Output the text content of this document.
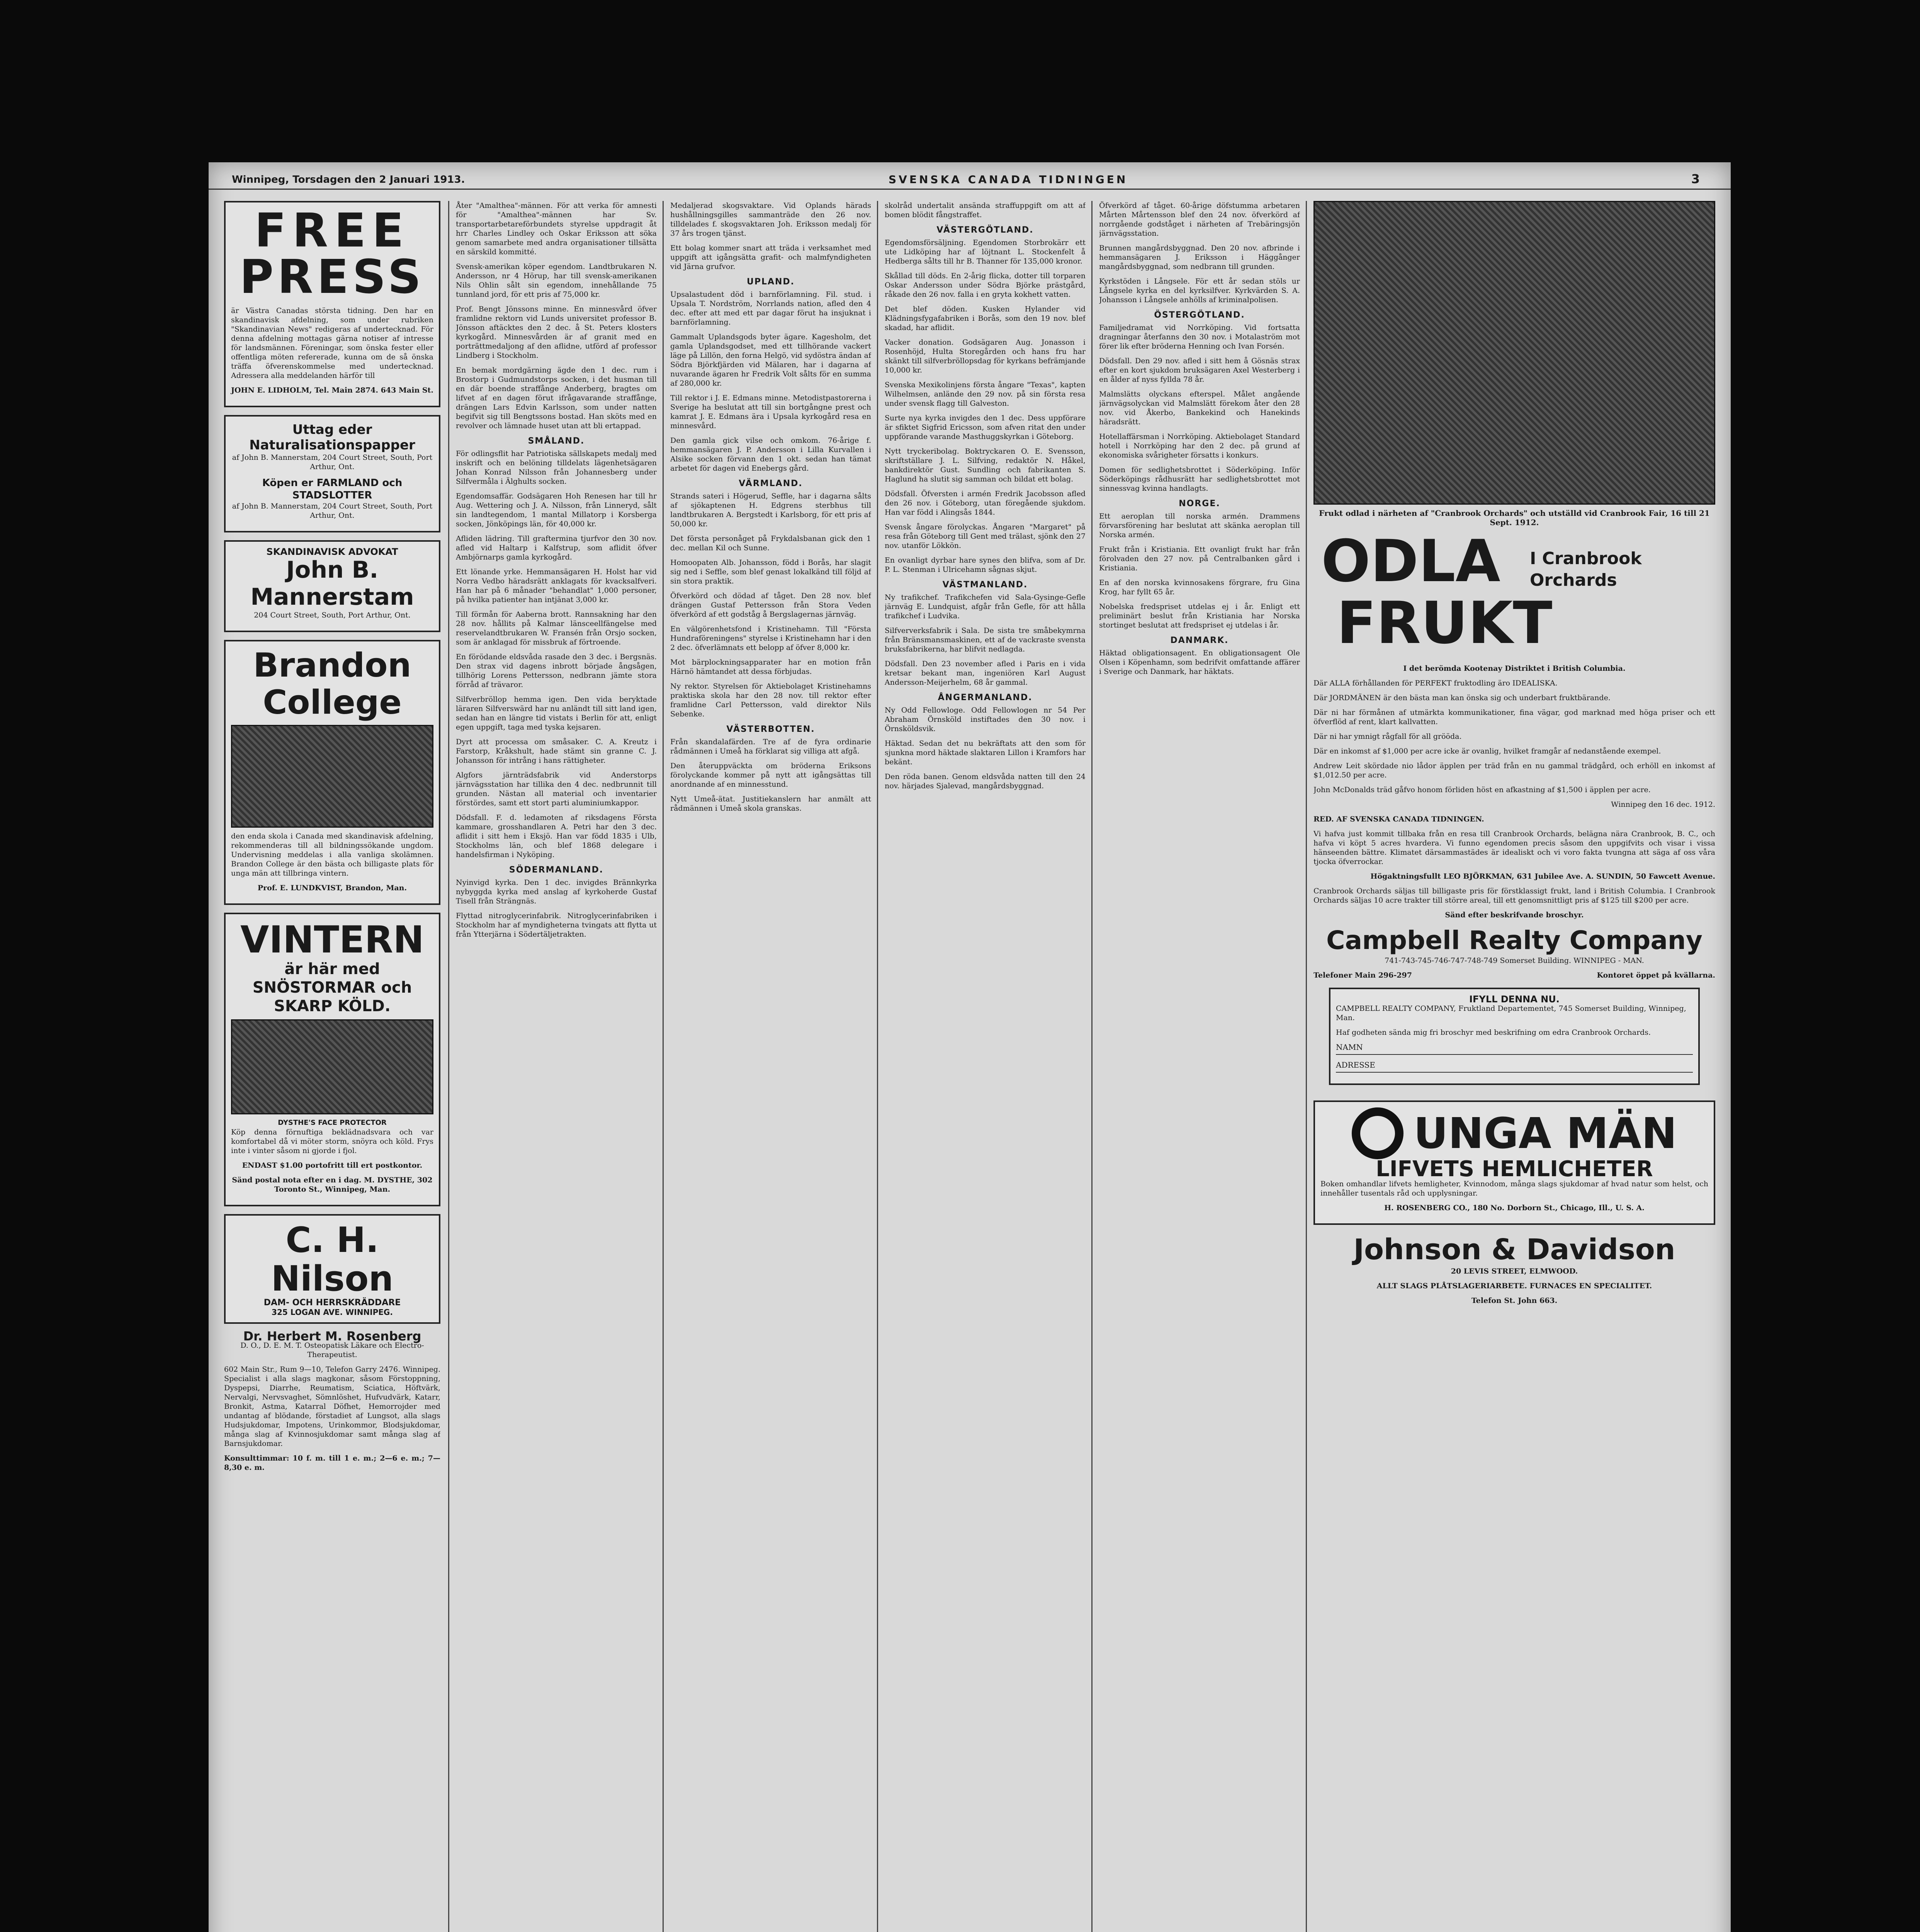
Winnipeg, Torsdagen den 2 Januari 1913.	SVENSKA CANADA TIDNINGEN	3
FREE
PRESS

är Västra Canadas största tidning. Den har en skandinavisk afdelning, som under rubriken "Skandinavian News" redigeras af undertecknad. För denna afdelning mottagas gärna notiser af intresse för landsmännen. Föreningar, som önska fester eller offentliga möten refererade, kunna om de så önska träffa öfverenskommelse med undertecknad. Adressera alla meddelanden härför till

JOHN E. LIDHOLM, Tel. Main 2874. 643 Main St.

Uttag eder Naturalisationspapper

af John B. Mannerstam, 204 Court Street, South, Port Arthur, Ont.

Köpen er FARMLAND och STADSLOTTER

af John B. Mannerstam, 204 Court Street, South, Port Arthur, Ont.

SKANDINAVISK ADVOKAT
John B. Mannerstam

204 Court Street, South, Port Arthur, Ont.

Brandon
College

den enda skola i Canada med skandinavisk afdelning, rekommenderas till all bildningssökande ungdom. Undervisning meddelas i alla vanliga skolämnen. Brandon College är den bästa och billigaste plats för unga män att tillbringa vintern.

Prof. E. LUNDKVIST, Brandon, Man.

VINTERN
är här med SNÖSTORMAR och SKARP KÖLD.
DYSTHE'S FACE PROTECTOR

Köp denna förnuftiga beklädnadsvara och var komfortabel då vi möter storm, snöyra och köld. Frys inte i vinter såsom ni gjorde i fjol.

ENDAST $1.00 portofritt till ert postkontor.

Sänd postal nota efter en i dag. M. DYSTHE, 302 Toronto St., Winnipeg, Man.

C. H. Nilson
DAM- OCH HERRSKRÄDDARE
325 LOGAN AVE. WINNIPEG.
Dr. Herbert M. Rosenberg

D. O., D. E. M. T. Osteopatisk Läkare och Electro-Therapeutist.

602 Main Str., Rum 9—10, Telefon Garry 2476. Winnipeg. Specialist i alla slags magkonar, såsom Förstoppning, Dyspepsi, Diarrhe, Reumatism, Sciatica, Höftvärk, Nervalgi, Nervsvaghet, Sömnlöshet, Hufvudvärk, Katarr, Bronkit, Astma, Katarral Döfhet, Hemorrojder med undantag af blödande, förstadiet af Lungsot, alla slags Hudsjukdomar, Impotens, Urinkommor, Blodsjukdomar, många slag af Kvinnosjukdomar samt många slag af Barnsjukdomar.

Konsulttimmar: 10 f. m. till 1 e. m.; 2—6 e. m.; 7—8,30 e. m.

Åter "Amalthea"-männen. För att verka för amnesti för "Amalthea"-männen har Sv. transportarbetareförbundets styrelse uppdragit åt hrr Charles Lindley och Oskar Eriksson att söka genom samarbete med andra organisationer tillsätta en särskild kommitté.

Svensk-amerikan köper egendom. Landtbrukaren N. Andersson, nr 4 Hörup, har till svensk-amerikanen Nils Ohlin sålt sin egendom, innehållande 75 tunnland jord, för ett pris af 75,000 kr.

Prof. Bengt Jönssons minne. En minnesvård öfver framlidne rektorn vid Lunds universitet professor B. Jönsson aftäcktes den 2 dec. å St. Peters klosters kyrkogård. Minnesvården är af granit med en porträttmedaljong af den aflidne, utförd af professor Lindberg i Stockholm.

En bemak mordgärning ägde den 1 dec. rum i Brostorp i Gudmundstorps socken, i det husman till en där boende straffånge Anderberg, bragtes om lifvet af en dagen förut ifrågavarande straffånge, drängen Lars Edvin Karlsson, som under natten begifvit sig till Bengtssons bostad. Han sköts med en revolver och lämnade huset utan att bli ertappad.

SMÅLAND.

För odlingsflit har Patriotiska sällskapets medalj med inskrift och en belöning tilldelats lägenhetsägaren Johan Konrad Nilsson från Johannesberg under Silfvermåla i Älghults socken.

Egendomsaffär. Godsägaren Hoh Renesen har till hr Aug. Wettering och J. A. Nilsson, från Linneryd, sålt sin landtegendom, 1 mantal Millatorp i Korsberga socken, Jönköpings län, för 40,000 kr.

Afliden lädring. Till graftermina tjurfvor den 30 nov. afled vid Haltarp i Kalfstrup, som aflidit öfver Ambjörnarps gamla kyrkogård.

Ett lönande yrke. Hemmansägaren H. Holst har vid Norra Vedbo häradsrätt anklagats för kvacksalfveri. Han har på 6 månader "behandlat" 1,000 personer, på hvilka patienter han intjänat 3,000 kr.

Till förmån för Aaberna brott. Rannsakning har den 28 nov. hållits på Kalmar länsceellfängelse med reservelandtbrukaren W. Fransén från Orsjo socken, som är anklagad för missbruk af förtroende.

En förödande eldsvåda rasade den 3 dec. i Bergsnäs. Den strax vid dagens inbrott började ångsågen, tillhörig Lorens Pettersson, nedbrann jämte stora förråd af trävaror.

Silfverbröllop hemma igen. Den vida beryktade läraren Silfverswärd har nu anländt till sitt land igen, sedan han en längre tid vistats i Berlin för att, enligt egen uppgift, taga med tyska kejsaren.

Dyrt att processa om småsaker. C. A. Kreutz i Farstorp, Kråkshult, hade stämt sin granne C. J. Johansson för intrång i hans rättigheter.

Algfors järnträdsfabrik vid Anderstorps järnvägsstation har tillika den 4 dec. nedbrunnit till grunden. Nästan all material och inventarier förstördes, samt ett stort parti aluminiumkappor.

Dödsfall. F. d. ledamoten af riksdagens Första kammare, grosshandlaren A. Petri har den 3 dec. aflidit i sitt hem i Eksjö. Han var född 1835 i Ulb, Stockholms län, och blef 1868 delegare i handelsfirman i Nyköping.

SÖDERMANLAND.

Nyinvigd kyrka. Den 1 dec. invigdes Brännkyrka nybyggda kyrka med anslag af kyrkoherde Gustaf Tisell från Strängnäs.

Flyttad nitroglycerinfabrik. Nitroglycerinfabriken i Stockholm har af myndigheterna tvingats att flytta ut från Ytterjärna i Södertäljetrakten.

Medaljerad skogsvaktare. Vid Oplands härads hushållningsgilles sammanträde den 26 nov. tilldelades f. skogsvaktaren Joh. Eriksson medalj för 37 års trogen tjänst.

Ett bolag kommer snart att träda i verksamhet med uppgift att igångsätta grafit- och malmfyndigheten vid Järna grufvor.

UPLAND.

Upsalastudent död i barnförlamning. Fil. stud. i Upsala T. Nordström, Norrlands nation, afled den 4 dec. efter att med ett par dagar förut ha insjuknat i barnförlamning.

Gammalt Uplandsgods byter ägare. Kagesholm, det gamla Uplandsgodset, med ett tillhörande vackert läge på Lillön, den forna Helgö, vid sydöstra ändan af Södra Björkfjärden vid Mälaren, har i dagarna af nuvarande ägaren hr Fredrik Volt sålts för en summa af 280,000 kr.

Till rektor i J. E. Edmans minne. Metodistpastorerna i Sverige ha beslutat att till sin bortgångne prest och kamrat J. E. Edmans ära i Upsala kyrkogård resa en minnesvård.

Den gamla gick vilse och omkom. 76-årige f. hemmansägaren J. P. Andersson i Lilla Kurvallen i Alsike socken förvann den 1 okt. sedan han tämat arbetet för dagen vid Enebergs gård.

VÄRMLAND.

Strands sateri i Högerud, Seffle, har i dagarna sålts af sjökaptenen H. Edgrens sterbhus till landtbrukaren A. Bergstedt i Karlsborg, för ett pris af 50,000 kr.

Det första personåget på Frykdalsbanan gick den 1 dec. mellan Kil och Sunne.

Homoopaten Alb. Johansson, född i Borås, har slagit sig ned i Seffle, som blef genast lokalkänd till följd af sin stora praktik.

Öfverkörd och dödad af tåget. Den 28 nov. blef drängen Gustaf Pettersson från Stora Veden öfverkörd af ett godståg å Bergslagernas järnväg.

En välgörenhetsfond i Kristinehamn. Till "Första Hundraföreningens" styrelse i Kristinehamn har i den 2 dec. öfverlämnats ett belopp af öfver 8,000 kr.

Mot bärplockningsapparater har en motion från Härnö hämtandet att dessa förbjudas.

Ny rektor. Styrelsen för Aktiebolaget Kristinehamns praktiska skola har den 28 nov. till rektor efter framlidne Carl Pettersson, vald direktor Nils Sebenke.

VÄSTERBOTTEN.

Från skandalafärden. Tre af de fyra ordinarie rådmännen i Umeå ha förklarat sig villiga att afgå.

Den återuppväckta om bröderna Eriksons förolyckande kommer på nytt att igångsättas till anordnande af en minnesstund.

Nytt Umeå-ätat. Justitiekanslern har anmält att rådmännen i Umeå skola granskas.

skolråd undertalit ansända straffuppgift om att af bomen blödit fångstraffet.

VÄSTERGÖTLAND.

Egendomsförsäljning. Egendomen Storbrokärr ett ute Lidköping har af löjtnant L. Stockenfelt å Hedberga sålts till hr B. Thanner för 135,000 kronor.

Skållad till döds. En 2-årig flicka, dotter till torparen Oskar Andersson under Södra Björke prästgård, råkade den 26 nov. falla i en gryta kokhett vatten.

Det blef döden. Kusken Hylander vid Klädningsfygafabriken i Borås, som den 19 nov. blef skadad, har aflidit.

Vacker donation. Godsägaren Aug. Jonasson i Rosenhöjd, Hulta Storegården och hans fru har skänkt till silfverbröllopsdag för kyrkans befrämjande 10,000 kr.

Svenska Mexikolinjens första ångare "Texas", kapten Wilhelmsen, anlände den 29 nov. på sin första resa under svensk flagg till Galveston.

Surte nya kyrka invigdes den 1 dec. Dess uppförare är sfiktet Sigfrid Ericsson, som afven ritat den under uppförande varande Masthuggskyrkan i Göteborg.

Nytt tryckeribolag. Boktryckaren O. E. Svensson, skriftställare J. L. Silfving, redaktör N. Håkel, bankdirektör Gust. Sundling och fabrikanten S. Haglund ha slutit sig samman och bildat ett bolag.

Dödsfall. Öfversten i armén Fredrik Jacobsson afled den 26 nov. i Göteborg, utan föregående sjukdom. Han var född i Alingsås 1844.

Svensk ångare förolyckas. Ångaren "Margaret" på resa från Göteborg till Gent med trälast, sjönk den 27 nov. utanför Lökkön.

En ovanligt dyrbar hare synes den blifva, som af Dr. P. L. Stenman i Ulricehamn sågnas skjut.

VÄSTMANLAND.

Ny trafikchef. Trafikchefen vid Sala-Gysinge-Gefle järnväg E. Lundquist, afgår från Gefle, för att hålla trafikchef i Ludvika.

Silfververksfabrik i Sala. De sista tre småbekymrna från Bränsmansmaskinen, ett af de vackraste svensta bruksfabrikerna, har blifvit nedlagda.

Dödsfall. Den 23 november afled i Paris en i vida kretsar bekant man, ingeniören Karl August Andersson-Meijerhelm, 68 år gammal.

ÅNGERMANLAND.

Ny Odd Fellowloge. Odd Fellowlogen nr 54 Per Abraham Örnsköld instiftades den 30 nov. i Örnsköldsvik.

Häktad. Sedan det nu bekräftats att den som för sjunkna mord häktade slaktaren Lillon i Kramfors har bekänt.

Den röda banen. Genom eldsvåda natten till den 24 nov. härjades Sjalevad, mangårdsbyggnad.

Öfverkörd af tåget. 60-årige döfstumma arbetaren Mårten Mårtensson blef den 24 nov. öfverkörd af norrgående godståget i närheten af Trebäringsjön järnvägsstation.

Brunnen mangårdsbyggnad. Den 20 nov. afbrinde i hemmansägaren J. Eriksson i Häggånger mangårdsbyggnad, som nedbrann till grunden.

Kyrkstöden i Långsele. För ett år sedan stöls ur Långsele kyrka en del kyrksilfver. Kyrkvärden S. A. Johansson i Långsele anhölls af kriminalpolisen.

ÖSTERGÖTLAND.

Familjedramat vid Norrköping. Vid fortsatta dragningar återfanns den 30 nov. i Motalaström mot förer lik efter bröderna Henning och Ivan Forsén.

Dödsfall. Den 29 nov. afled i sitt hem å Gösnäs strax efter en kort sjukdom bruksägaren Axel Westerberg i en ålder af nyss fyllda 78 år.

Malmslätts olyckans efterspel. Målet angående järnvägsolyckan vid Malmslätt förekom åter den 28 nov. vid Åkerbo, Bankekind och Hanekinds häradsrätt.

Hotellaffärsman i Norrköping. Aktiebolaget Standard hotell i Norrköping har den 2 dec. på grund af ekonomiska svårigheter försatts i konkurs.

Domen för sedlighetsbrottet i Söderköping. Inför Söderköpings rådhusrätt har sedlighetsbrottet mot sinnessvag kvinna handlagts.

NORGE.

Ett aeroplan till norska armén. Drammens förvarsförening har beslutat att skänka aeroplan till Norska armén.

Frukt från i Kristiania. Ett ovanligt frukt har från förolvaden den 27 nov. på Centralbanken gård i Kristiania.

En af den norska kvinnosakens förgrare, fru Gina Krog, har fyllt 65 år.

Nobelska fredspriset utdelas ej i år. Enligt ett preliminärt beslut från Kristiania har Norska stortinget beslutat att fredspriset ej utdelas i år.

DANMARK.

Häktad obligationsagent. En obligationsagent Ole Olsen i Köpenhamn, som bedrifvit omfattande affärer i Sverige och Danmark, har häktats.

Frukt odlad i närheten af "Cranbrook Orchards" och utställd vid Cranbrook Fair, 16 till 21 Sept. 1912.

ODLA I Cranbrook Orchards
FRUKT

I det berömda Kootenay Distriktet i British Columbia.

Där ALLA förhållanden för PERFEKT fruktodling äro IDEALISKA.

Där JORDMÄNEN är den bästa man kan önska sig och underbart fruktbärande.

Där ni har förmånen af utmärkta kommunikationer, fina vägar, god marknad med höga priser och ett öfverflöd af rent, klart kallvatten.

Där ni har ymnigt rågfall för all grööda.

Där en inkomst af $1,000 per acre icke är ovanlig, hvilket framgår af nedanstående exempel.

Andrew Leit skördade nio lådor äpplen per träd från en nu gammal trädgård, och erhöll en inkomst af $1,012.50 per acre.

John McDonalds träd gåfvo honom förliden höst en afkastning af $1,500 i äpplen per acre.

Winnipeg den 16 dec. 1912.

RED. AF SVENSKA CANADA TIDNINGEN.

Vi hafva just kommit tillbaka från en resa till Cranbrook Orchards, belägna nära Cranbrook, B. C., och hafva vi köpt 5 acres hvardera. Vi funno egendomen precis såsom den uppgifvits och visar i vissa hänseenden bättre. Klimatet därsammastädes är idealiskt och vi voro fakta tvungna att säga af oss våra tjocka öfverrockar.

Högaktningsfullt LEO BJÖRKMAN, 631 Jubilee Ave. A. SUNDIN, 50 Fawcett Avenue.

Cranbrook Orchards säljas till billigaste pris för förstklassigt frukt, land i British Columbia. I Cranbrook Orchards säljas 10 acre trakter till större areal, till ett genomsnittligt pris af $125 till $200 per acre.

Sänd efter beskrifvande broschyr.

Campbell Realty Company

741-743-745-746-747-748-749 Somerset Building. WINNIPEG - MAN.

Telefoner Main 296-297	Kontoret öppet på kvällarna.
IFYLL DENNA NU.

CAMPBELL REALTY COMPANY, Fruktland Departementet, 745 Somerset Building, Winnipeg, Man.

Haf godheten sända mig fri broschyr med beskrifning om edra Cranbrook Orchards.

NAMN
ADRESSE
UNGA MÄN
LIFVETS HEMLICHETER

Boken omhandlar lifvets hemligheter, Kvinnodom, många slags sjukdomar af hvad natur som helst, och innehåller tusentals råd och upplysningar.

H. ROSENBERG CO., 180 No. Dorborn St., Chicago, Ill., U. S. A.

Johnson & Davidson

20 LEVIS STREET, ELMWOOD.

ALLT SLAGS PLÅTSLAGERIARBETE. FURNACES EN SPECIALITET.

Telefon St. John 663.
